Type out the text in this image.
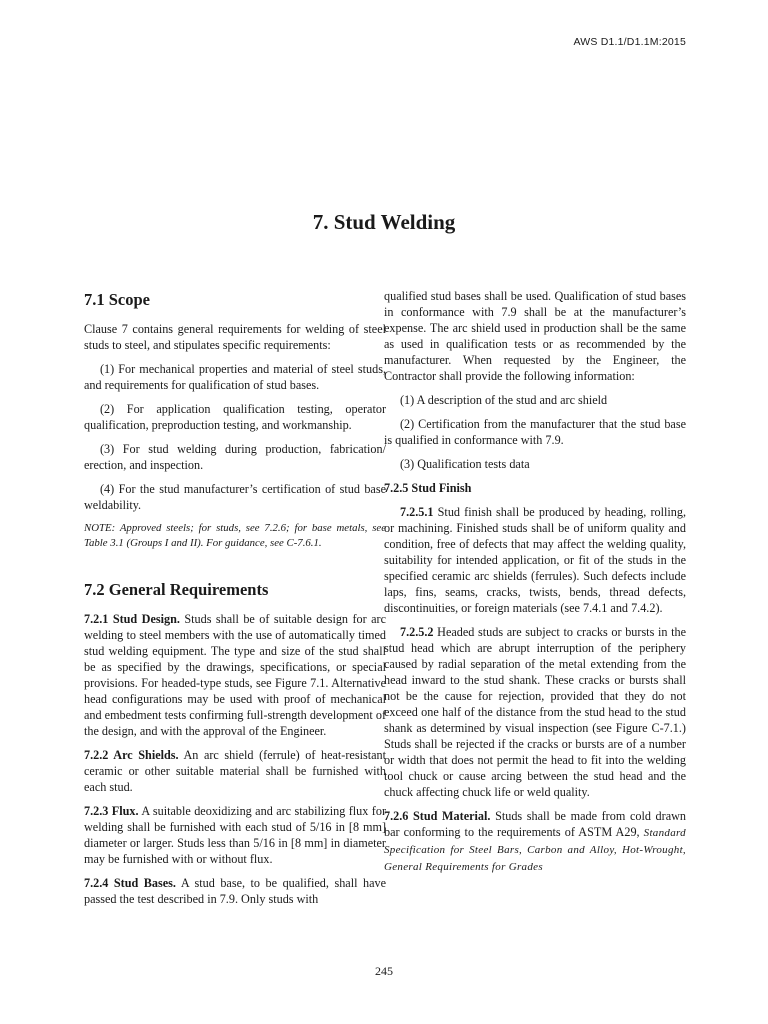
AWS D1.1/D1.1M:2015
7. Stud Welding
7.1 Scope

Clause 7 contains general requirements for welding of steel studs to steel, and stipulates specific requirements:

(1) For mechanical properties and material of steel studs, and requirements for qualification of stud bases.

(2) For application qualification testing, operator qualification, preproduction testing, and workmanship.

(3) For stud welding during production, fabrication/ erection, and inspection.

(4) For the stud manufacturer’s certification of stud base weldability.

NOTE: Approved steels; for studs, see 7.2.6; for base metals, see Table 3.1 (Groups I and II). For guidance, see C-7.6.1.

7.2 General Requirements

7.2.1 Stud Design. Studs shall be of suitable design for arc welding to steel members with the use of automatically timed stud welding equipment. The type and size of the stud shall be as specified by the drawings, specifications, or special provisions. For headed-type studs, see Figure 7.1. Alternative head configurations may be used with proof of mechanical and embedment tests confirming full-strength development of the design, and with the approval of the Engineer.

7.2.2 Arc Shields. An arc shield (ferrule) of heat-resistant ceramic or other suitable material shall be furnished with each stud.

7.2.3 Flux. A suitable deoxidizing and arc stabilizing flux for welding shall be furnished with each stud of 5/16 in [8 mm] diameter or larger. Studs less than 5/16 in [8 mm] in diameter may be furnished with or without flux.

7.2.4 Stud Bases. A stud base, to be qualified, shall have passed the test described in 7.9. Only studs with

qualified stud bases shall be used. Qualification of stud bases in conformance with 7.9 shall be at the manufacturer’s expense. The arc shield used in production shall be the same as used in qualification tests or as recommended by the manufacturer. When requested by the Engineer, the Contractor shall provide the following information:

(1) A description of the stud and arc shield

(2) Certification from the manufacturer that the stud base is qualified in conformance with 7.9.

(3) Qualification tests data

7.2.5 Stud Finish

7.2.5.1 Stud finish shall be produced by heading, rolling, or machining. Finished studs shall be of uniform quality and condition, free of defects that may affect the welding quality, suitability for intended application, or fit of the studs in the specified ceramic arc shields (ferrules). Such defects include laps, fins, seams, cracks, twists, bends, thread defects, discontinuities, or foreign materials (see 7.4.1 and 7.4.2).

7.2.5.2 Headed studs are subject to cracks or bursts in the stud head which are abrupt interruption of the periphery caused by radial separation of the metal extending from the head inward to the stud shank. These cracks or bursts shall not be the cause for rejection, provided that they do not exceed one half of the distance from the stud head to the stud shank as determined by visual inspection (see Figure C-7.1.) Studs shall be rejected if the cracks or bursts are of a number or width that does not permit the head to fit into the welding tool chuck or cause arcing between the stud head and the chuck affecting chuck life or weld quality.

7.2.6 Stud Material. Studs shall be made from cold drawn bar conforming to the requirements of ASTM A29, Standard Specification for Steel Bars, Carbon and Alloy, Hot-Wrought, General Requirements for Grades

245
